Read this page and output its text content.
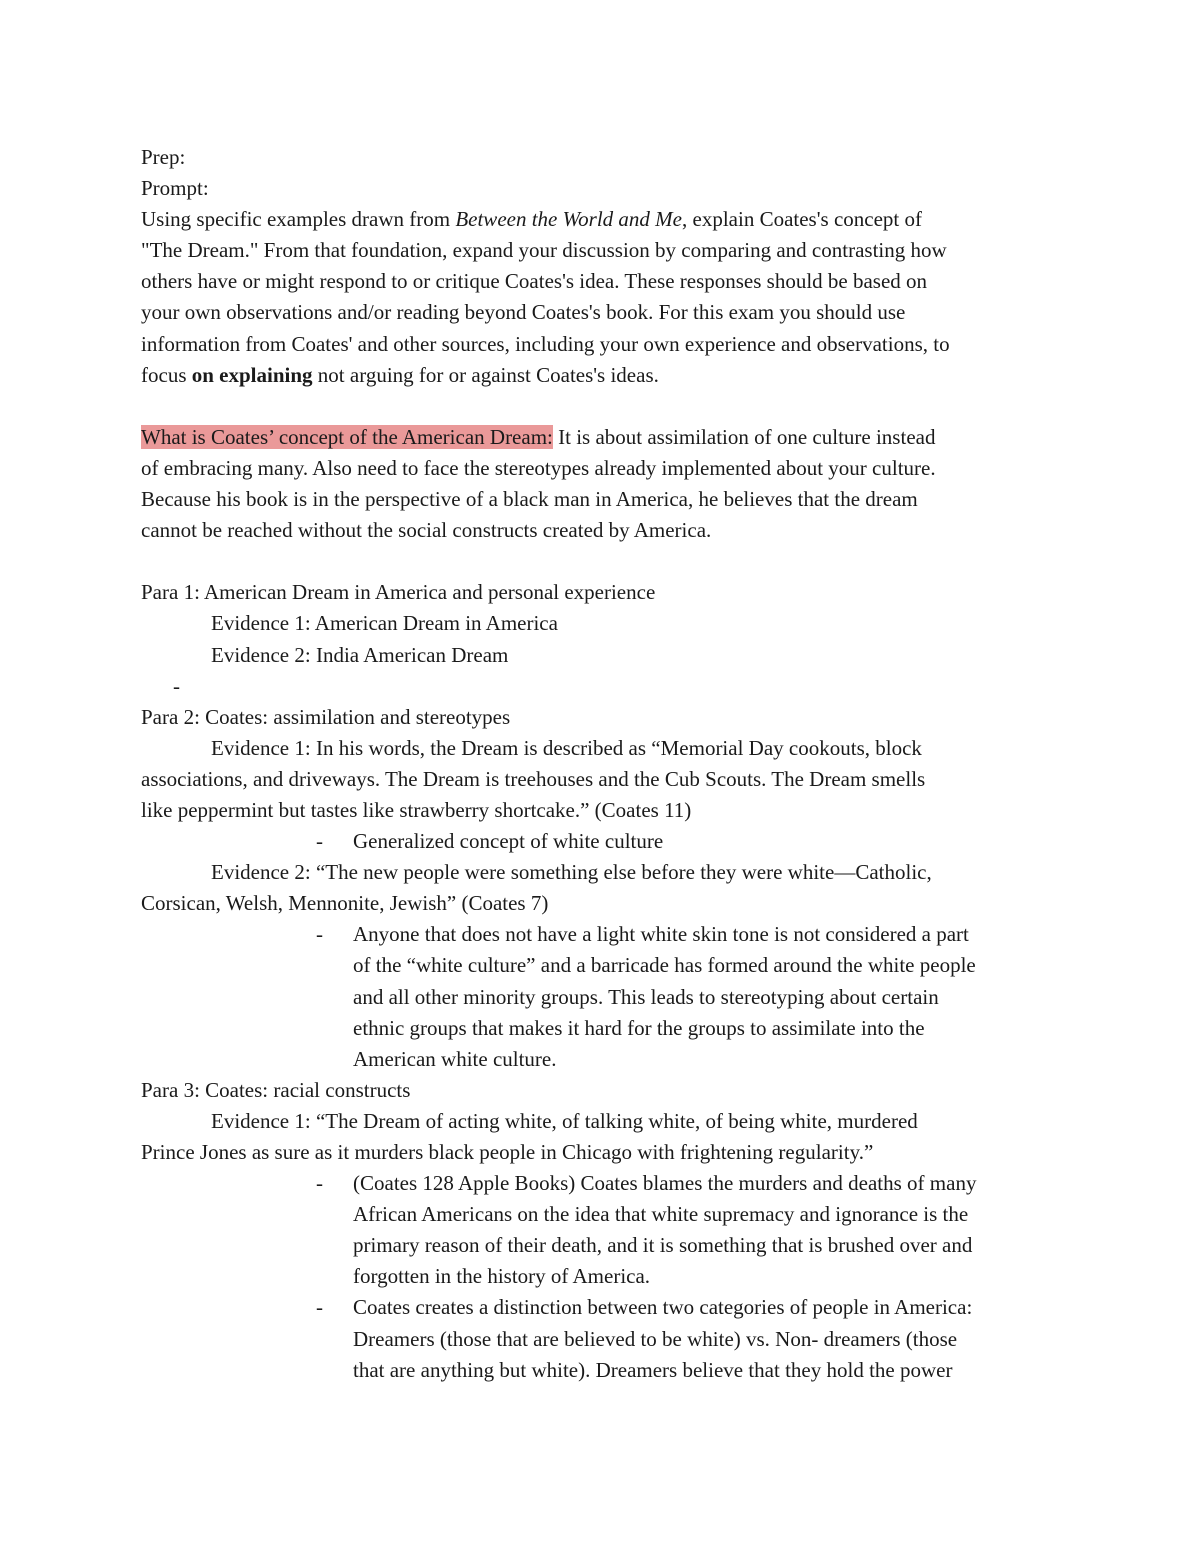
Prep:

Prompt:

Using specific examples drawn from Between the World and Me, explain Coates's concept of

"The Dream." From that foundation, expand your discussion by comparing and contrasting how

others have or might respond to or critique Coates's idea. These responses should be based on

your own observations and/or reading beyond Coates's book. For this exam you should use

information from Coates' and other sources, including your own experience and observations, to

focus on explaining not arguing for or against Coates's ideas.

What is Coates’ concept of the American Dream: It is about assimilation of one culture instead

of embracing many. Also need to face the stereotypes already implemented about your culture.

Because his book is in the perspective of a black man in America, he believes that the dream

cannot be reached without the social constructs created by America.

Para 1: American Dream in America and personal experience

Evidence 1: American Dream in America

Evidence 2: India American Dream

-

Para 2: Coates: assimilation and stereotypes

Evidence 1: In his words, the Dream is described as “Memorial Day cookouts, block

associations, and driveways. The Dream is treehouses and the Cub Scouts. The Dream smells

like peppermint but tastes like strawberry shortcake.” (Coates 11)

- Generalized concept of white culture

Evidence 2: “The new people were something else before they were white—Catholic,

Corsican, Welsh, Mennonite, Jewish” (Coates 7)

- Anyone that does not have a light white skin tone is not considered a part
of the “white culture” and a barricade has formed around the white people
and all other minority groups. This leads to stereotyping about certain
ethnic groups that makes it hard for the groups to assimilate into the
American white culture.

Para 3: Coates: racial constructs

Evidence 1: “The Dream of acting white, of talking white, of being white, murdered

Prince Jones as sure as it murders black people in Chicago with frightening regularity.”

- (Coates 128 Apple Books) Coates blames the murders and deaths of many
African Americans on the idea that white supremacy and ignorance is the
primary reason of their death, and it is something that is brushed over and
forgotten in the history of America.
- Coates creates a distinction between two categories of people in America:
Dreamers (those that are believed to be white) vs. Non- dreamers (those
that are anything but white). Dreamers believe that they hold the power
